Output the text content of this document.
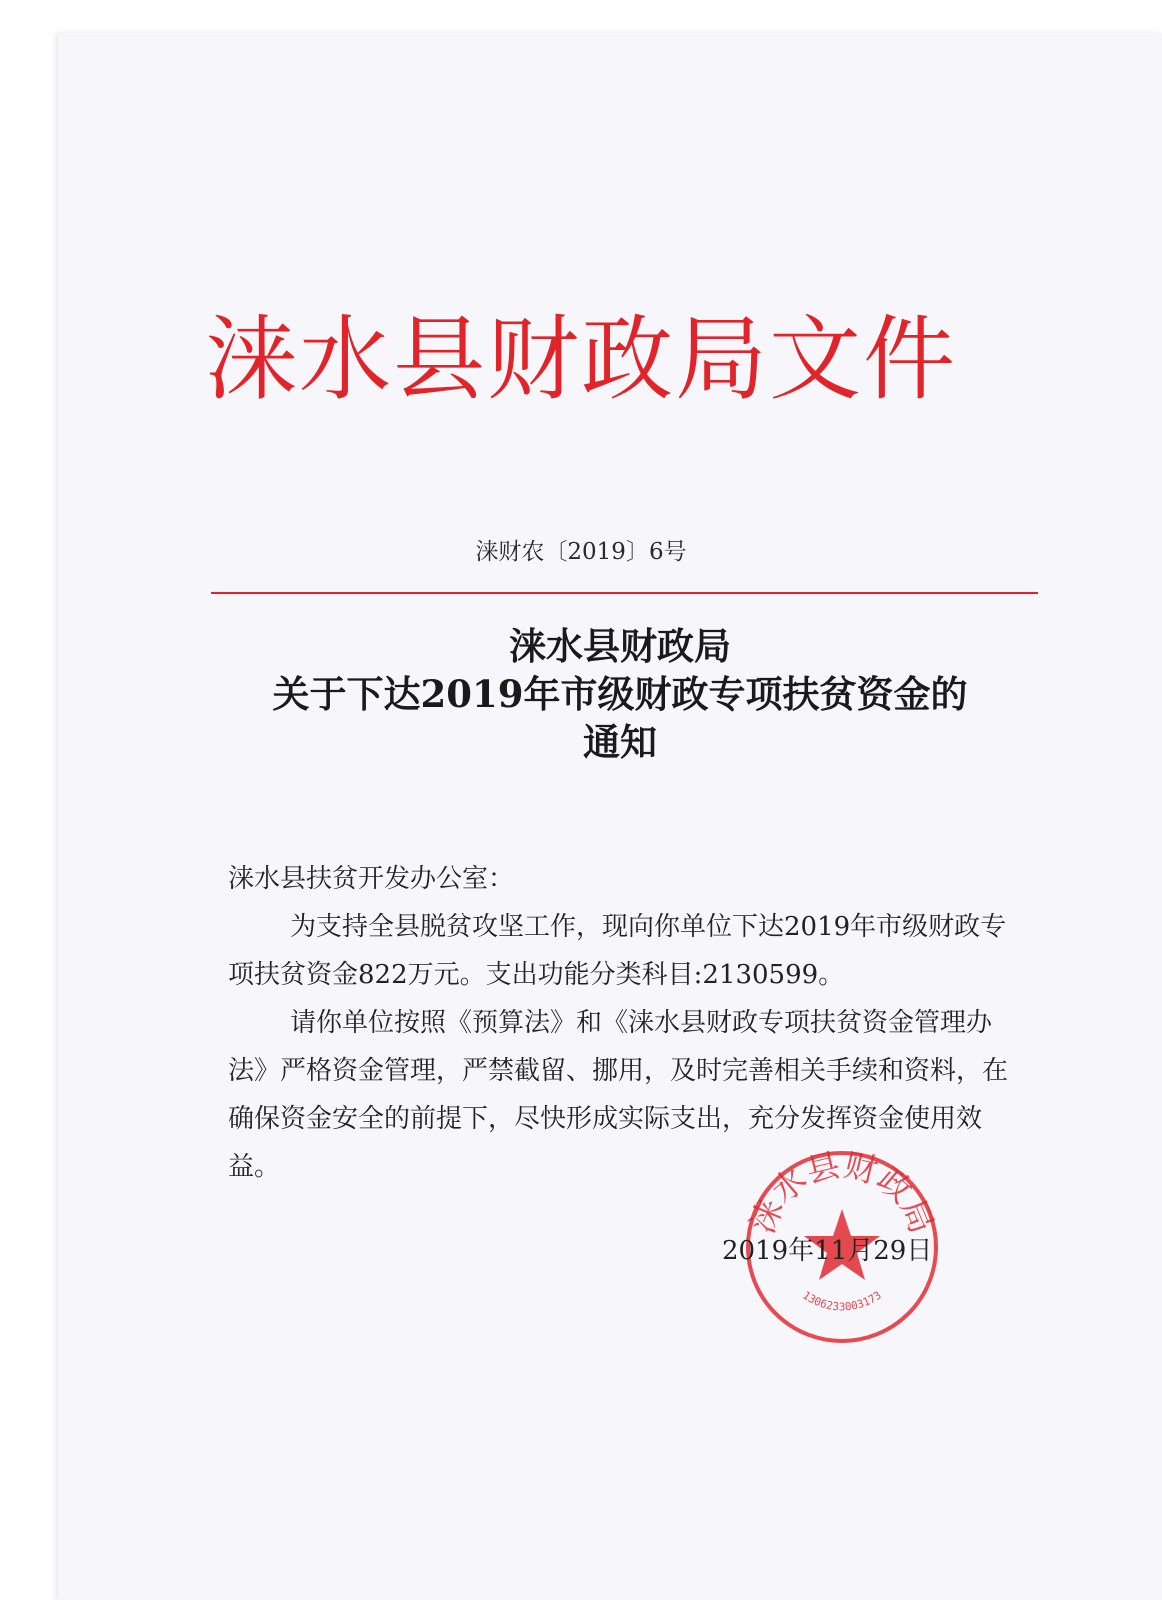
涞水县财政局文件
涞财农〔2019〕6号
涞水县财政局
关于下达2019年市级财政专项扶贫资金的
通知

涞水县扶贫开发办公室：

为支持全县脱贫攻坚工作，现向你单位下达2019年市级财政专项扶贫资金822万元。支出功能分类科目:2130599。

请你单位按照《预算法》和《涞水县财政专项扶贫资金管理办法》严格资金管理，严禁截留、挪用，及时完善相关手续和资料，在确保资金安全的前提下，尽快形成实际支出，充分发挥资金使用效益。

涞水县财政局
1306233003173
2019年11月29日
